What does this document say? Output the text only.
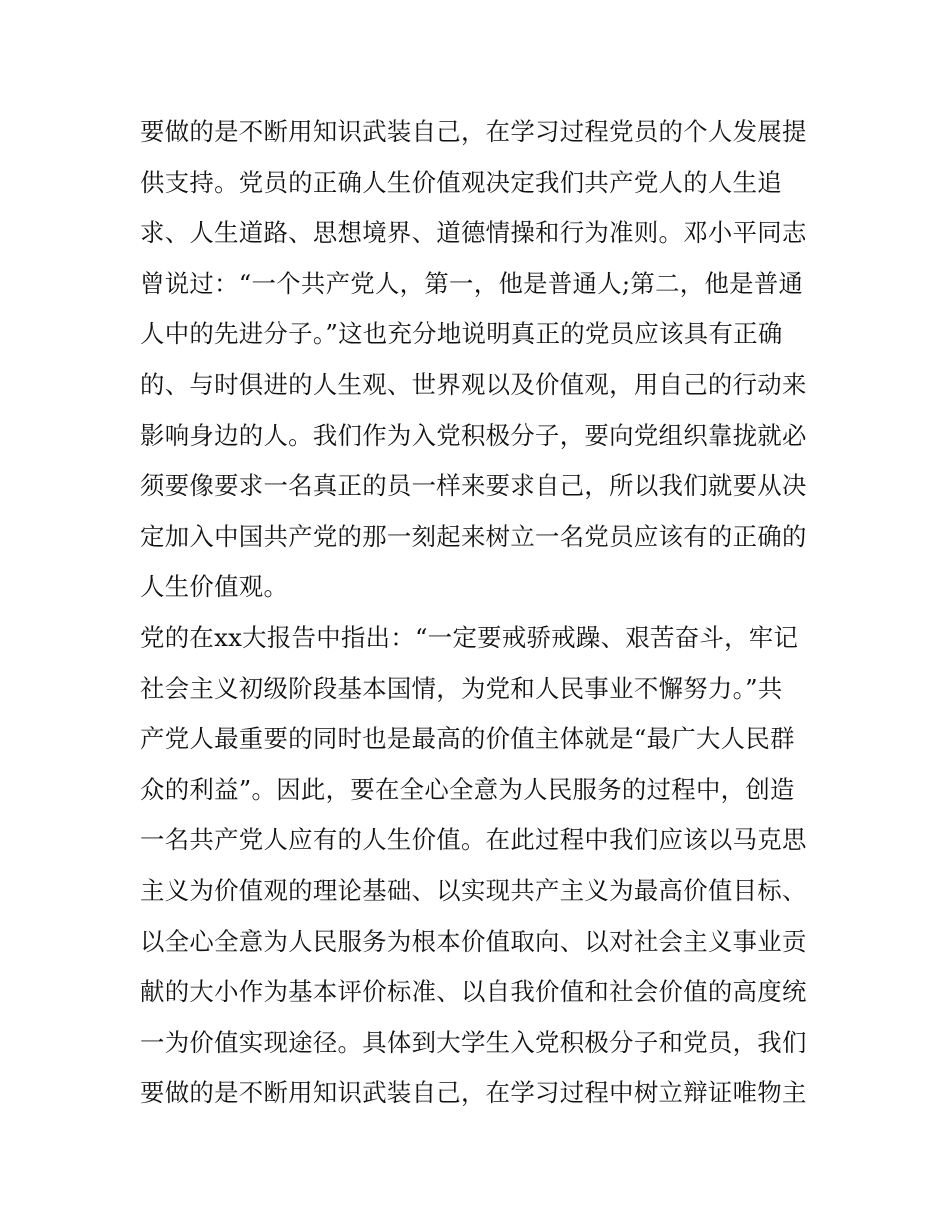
要做的是不断用知识武装自己，在学习过程党员的个人发展提
供支持。党员的正确人生价值观决定我们共产党人的人生追
求、人生道路、思想境界、道德情操和行为准则。邓小平同志
曾说过：“一个共产党人，第一，他是普通人;第二，他是普通
人中的先进分子。”这也充分地说明真正的党员应该具有正确
的、与时俱进的人生观、世界观以及价值观，用自己的行动来
影响身边的人。我们作为入党积极分子，要向党组织靠拢就必
须要像要求一名真正的员一样来要求自己，所以我们就要从决
定加入中国共产党的那一刻起来树立一名党员应该有的正确的
人生价值观。
党的在xx大报告中指出：“一定要戒骄戒躁、艰苦奋斗，牢记
社会主义初级阶段基本国情，为党和人民事业不懈努力。”共
产党人最重要的同时也是最高的价值主体就是“最广大人民群
众的利益”。因此，要在全心全意为人民服务的过程中，创造
一名共产党人应有的人生价值。在此过程中我们应该以马克思
主义为价值观的理论基础、以实现共产主义为最高价值目标、
以全心全意为人民服务为根本价值取向、以对社会主义事业贡
献的大小作为基本评价标准、以自我价值和社会价值的高度统
一为价值实现途径。具体到大学生入党积极分子和党员，我们
要做的是不断用知识武装自己，在学习过程中树立辩证唯物主
